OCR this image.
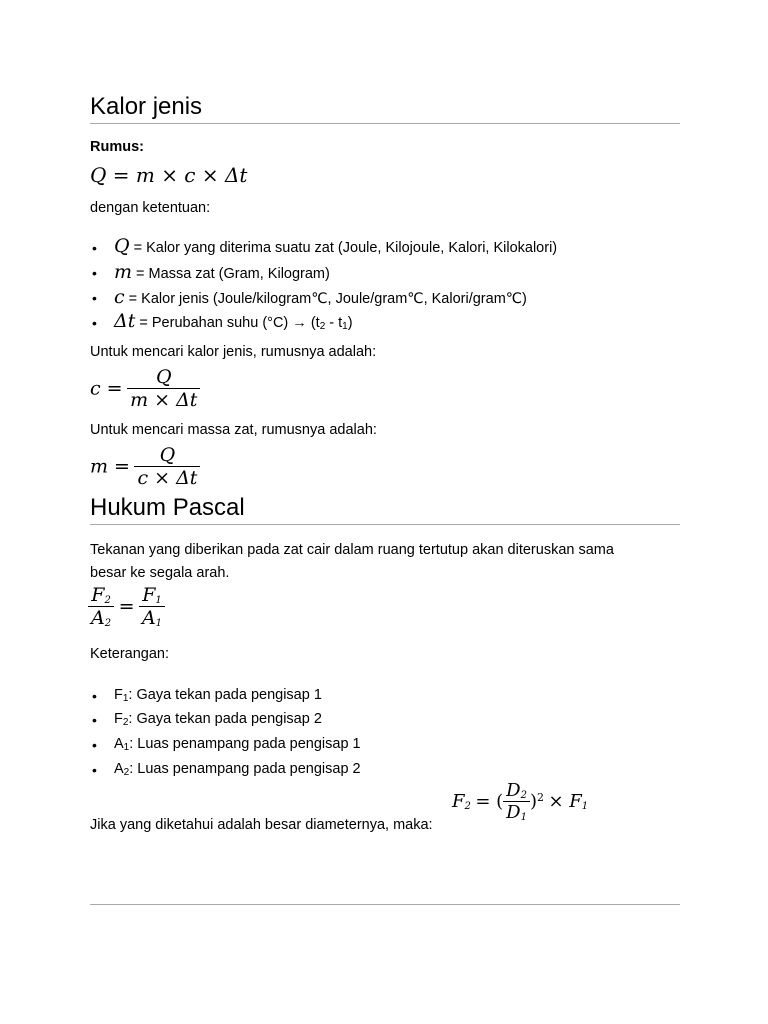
Kalor jenis
Rumus:
Q = m × c × Δt
dengan ketentuan:
• Q = Kalor yang diterima suatu zat (Joule, Kilojoule, Kalori, Kilokalori)
• m = Massa zat (Gram, Kilogram)
• c = Kalor jenis (Joule/kilogram℃, Joule/gram℃, Kalori/gram℃)
• Δt = Perubahan suhu $(^\circ C) \to (t_2 - t_1)$
Untuk mencari kalor jenis, rumusnya adalah:
$c = \frac{Q}{m \times \Delta t}$
Untuk mencari massa zat, rumusnya adalah:
$m = \frac{Q}{c \times \Delta t}$
Hukum Pascal
Tekanan yang diberikan pada zat cair dalam ruang tertutup akan diteruskan sama
besar ke segala arah.
$\frac{F_2}{A_2} = \frac{F_1}{A_1}$
Keterangan:
• $F_1$: Gaya tekan pada pengisap 1
• $F_2$: Gaya tekan pada pengisap 2
• $A_1$: Luas penampang pada pengisap 1
• $A_2$: Luas penampang pada pengisap 2
Jika yang diketahui adalah besar diameternya, maka:
$F_2$ = ( $\frac{D_2}{D_1} )^2 \times F_1$
